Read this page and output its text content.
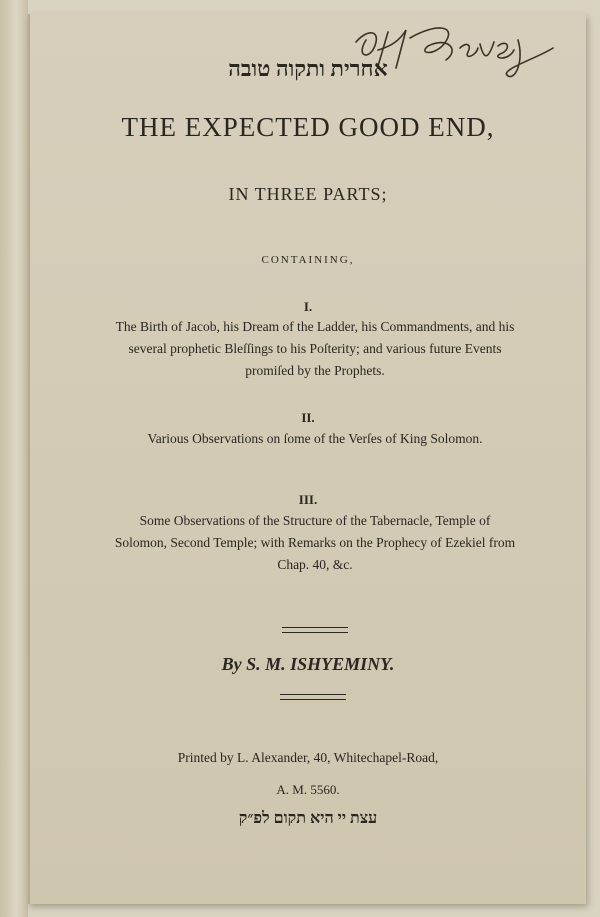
אחרית ותקוה טובה
THE EXPECTED GOOD END,
IN THREE PARTS;
CONTAINING,
I.
The Birth of Jacob, his Dream of the Ladder, his Commandments, and his several prophetic Bleſſings to his Poſterity; and various future Events promiſed by the Prophets.
II.
Various Observations on ſome of the Verſes of King Solomon.
III.
Some Observations of the Structure of the Tabernacle, Temple of Solomon, Second Temple; with Remarks on the Prophecy of Ezekiel from Chap. 40, &c.
By S. M. ISHYEMINY.
Printed by L. Alexander, 40, Whitechapel-Road,
A. M. 5560.
עצת יי היא תקום לפ״ק
